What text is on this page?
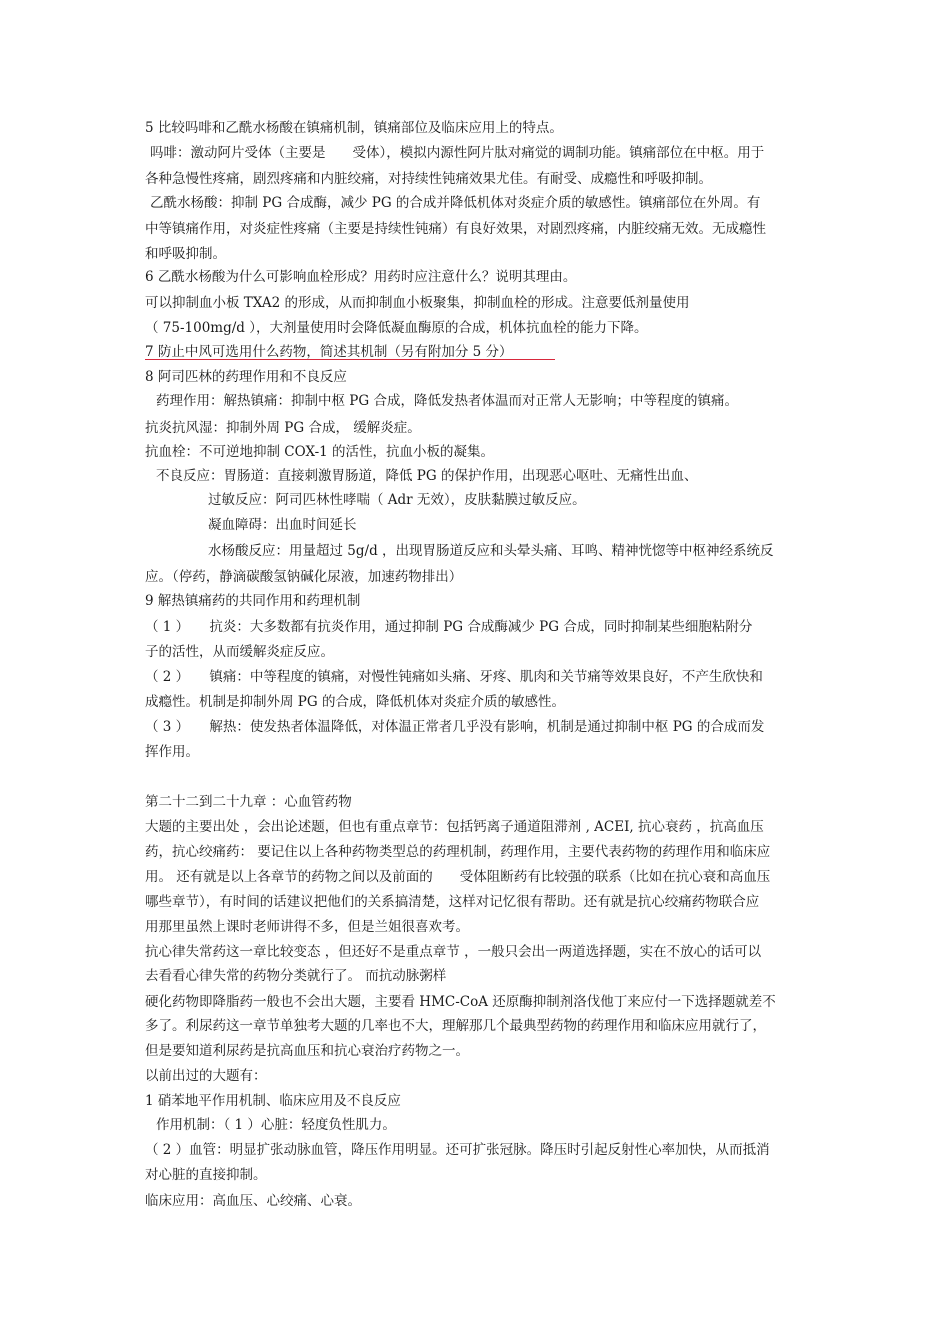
5 比较吗啡和乙酰水杨酸在镇痛机制，镇痛部位及临床应用上的特点。
吗啡：激动阿片受体（主要是　　受体），模拟内源性阿片肽对痛觉的调制功能。镇痛部位在中枢。用于
各种急慢性疼痛，剧烈疼痛和内脏绞痛，对持续性钝痛效果尤佳。有耐受、成瘾性和呼吸抑制。
乙酰水杨酸：抑制 PG 合成酶，减少 PG 的合成并降低机体对炎症介质的敏感性。镇痛部位在外周。有
中等镇痛作用，对炎症性疼痛（主要是持续性钝痛）有良好效果，对剧烈疼痛，内脏绞痛无效。无成瘾性
和呼吸抑制。
6 乙酰水杨酸为什么可影响血栓形成？用药时应注意什么？说明其理由。
可以抑制血小板 TXA2 的形成，从而抑制血小板聚集，抑制血栓的形成。注意要低剂量使用
（ 75-100mg/d ），大剂量使用时会降低凝血酶原的合成，机体抗血栓的能力下降。
7 防止中风可选用什么药物，简述其机制（另有附加分 5 分）
8 阿司匹林的药理作用和不良反应
药理作用：解热镇痛：抑制中枢 PG 合成，降低发热者体温而对正常人无影响；中等程度的镇痛。
抗炎抗风湿：抑制外周 PG 合成， 缓解炎症。
抗血栓：不可逆地抑制 COX-1 的活性，抗血小板的凝集。
不良反应：胃肠道：直接刺激胃肠道，降低 PG 的保护作用，出现恶心呕吐、无痛性出血、
过敏反应：阿司匹林性哮喘（ Adr 无效），皮肤黏膜过敏反应。
凝血障碍：出血时间延长
水杨酸反应：用量超过 5g/d ，出现胃肠道反应和头晕头痛、耳鸣、精神恍惚等中枢神经系统反
应。（停药，静滴碳酸氢钠碱化尿液，加速药物排出）
9 解热镇痛药的共同作用和药理机制
（ 1 ）　　抗炎：大多数都有抗炎作用，通过抑制 PG 合成酶减少 PG 合成，同时抑制某些细胞粘附分
子的活性，从而缓解炎症反应。
（ 2 ）　　镇痛：中等程度的镇痛，对慢性钝痛如头痛、牙疼、肌肉和关节痛等效果良好，不产生欣快和
成瘾性。机制是抑制外周 PG 的合成，降低机体对炎症介质的敏感性。
（ 3 ）　　解热：使发热者体温降低，对体温正常者几乎没有影响，机制是通过抑制中枢 PG 的合成而发
挥作用。
第二十二到二十九章 ：心血管药物
大题的主要出处 ，会出论述题，但也有重点章节：包括钙离子通道阻滞剂 , ACEI, 抗心衰药 ，抗高血压
药，抗心绞痛药： 要记住以上各种药物类型总的药理机制，药理作用，主要代表药物的药理作用和临床应
用。 还有就是以上各章节的药物之间以及前面的　　受体阻断药有比较强的联系（比如在抗心衰和高血压
哪些章节），有时间的话建议把他们的关系搞清楚，这样对记忆很有帮助。还有就是抗心绞痛药物联合应
用那里虽然上课时老师讲得不多，但是兰姐很喜欢考。
抗心律失常药这一章比较变态 ，但还好不是重点章节 ，一般只会出一两道选择题，实在不放心的话可以
去看看心律失常的药物分类就行了。 而抗动脉粥样
硬化药物即降脂药一般也不会出大题，主要看 HMC-CoA 还原酶抑制剂洛伐他丁来应付一下选择题就差不
多了。利尿药这一章节单独考大题的几率也不大，理解那几个最典型药物的药理作用和临床应用就行了，
但是要知道利尿药是抗高血压和抗心衰治疗药物之一。
以前出过的大题有：
1 硝苯地平作用机制、临床应用及不良反应
作用机制：（ 1 ）心脏：轻度负性肌力。
（ 2 ）血管：明显扩张动脉血管，降压作用明显。还可扩张冠脉。降压时引起反射性心率加快，从而抵消
对心脏的直接抑制。
临床应用：高血压、心绞痛、心衰。
